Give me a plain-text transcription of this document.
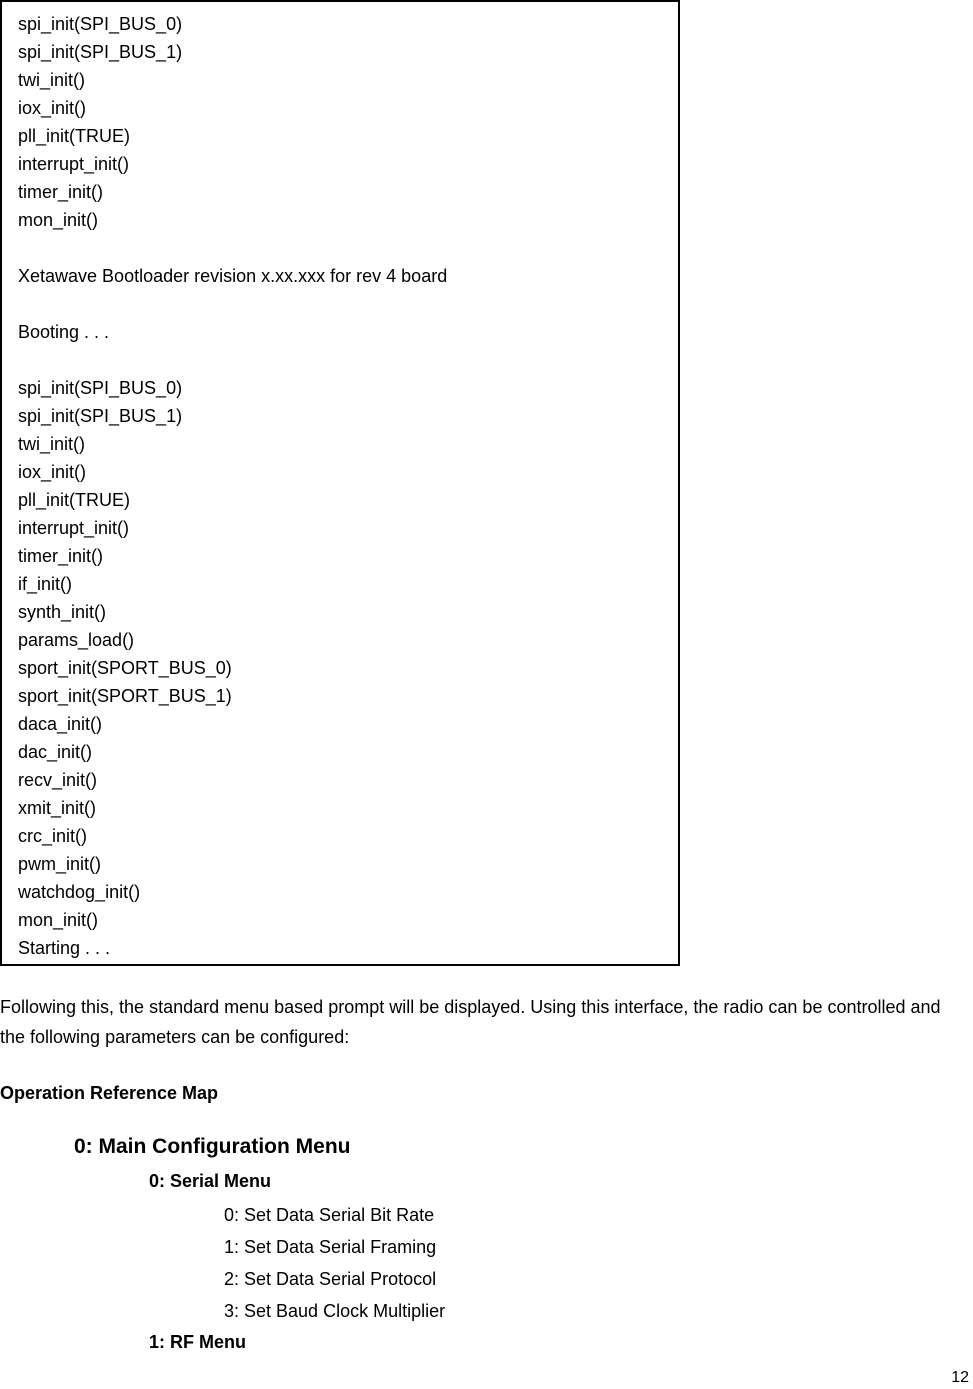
spi_init(SPI_BUS_0)
spi_init(SPI_BUS_1)
twi_init()
iox_init()
pll_init(TRUE)
interrupt_init()
timer_init()
mon_init()
Xetawave Bootloader revision x.xx.xxx for rev 4 board
Booting . . .
spi_init(SPI_BUS_0)
spi_init(SPI_BUS_1)
twi_init()
iox_init()
pll_init(TRUE)
interrupt_init()
timer_init()
if_init()
synth_init()
params_load()
sport_init(SPORT_BUS_0)
sport_init(SPORT_BUS_1)
daca_init()
dac_init()
recv_init()
xmit_init()
crc_init()
pwm_init()
watchdog_init()
mon_init()
Starting . . .

Following this, the standard menu based prompt will be displayed. Using this interface, the radio can be controlled and the following parameters can be configured:

Operation Reference Map

0: Main Configuration Menu

0: Serial Menu

0: Set Data Serial Bit Rate
1: Set Data Serial Framing
2: Set Data Serial Protocol
3: Set Baud Clock Multiplier

1: RF Menu

12
